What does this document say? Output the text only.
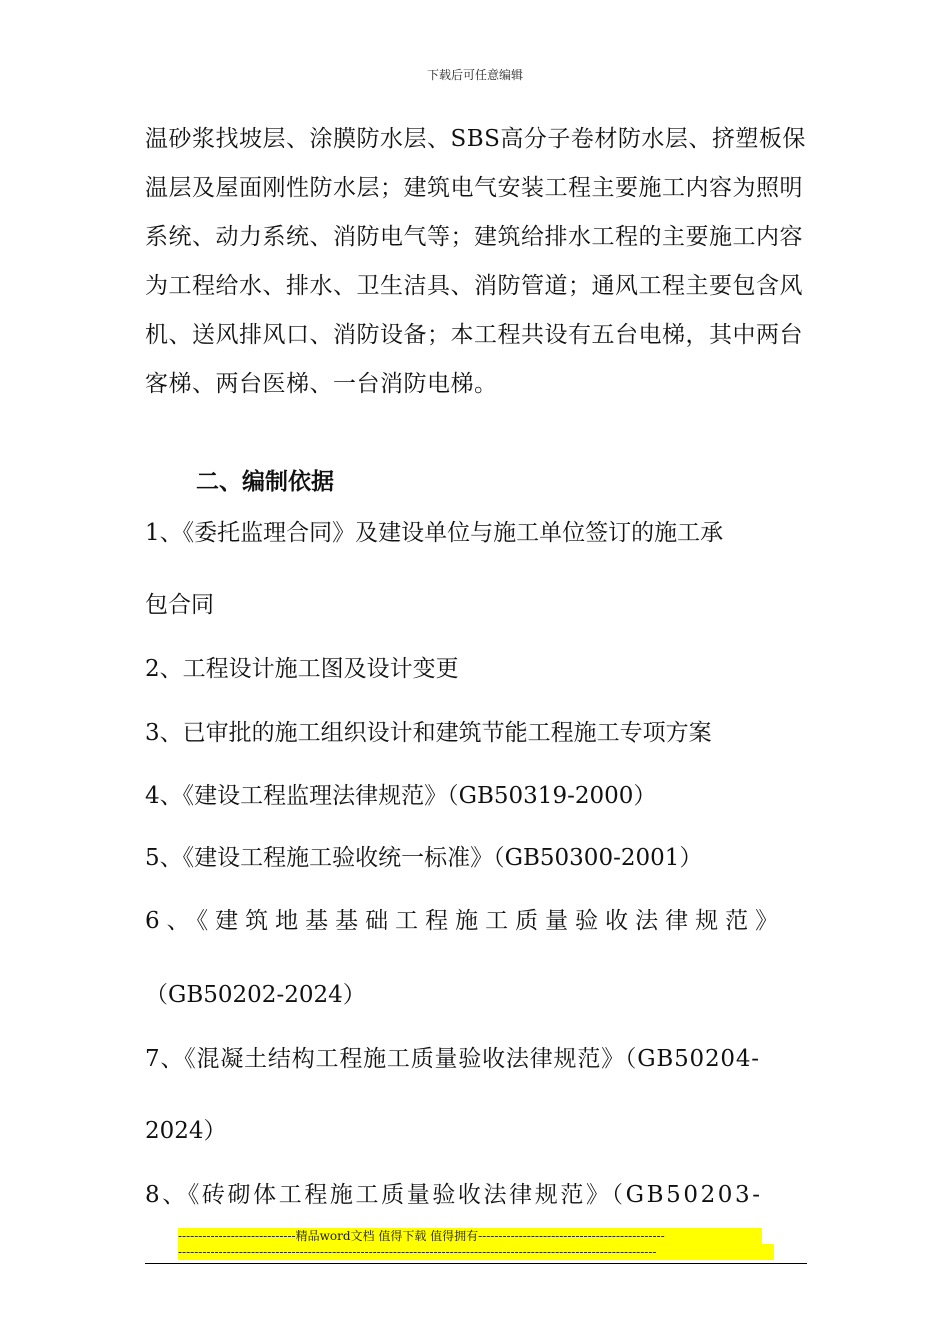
下载后可任意编辑
温砂浆找坡层、涂膜防水层、SBS高分子卷材防水层、挤塑板保温层及屋面刚性防水层；建筑电气安装工程主要施工内容为照明系统、动力系统、消防电气等；建筑给排水工程的主要施工内容为工程给水、排水、卫生洁具、消防管道；通风工程主要包含风机、送风排风口、消防设备；本工程共设有五台电梯，其中两台客梯、两台医梯、一台消防电梯。
二、编制依据
1、《委托监理合同》及建设单位与施工单位签订的施工承
包合同
2、工程设计施工图及设计变更
3、已审批的施工组织设计和建筑节能工程施工专项方案
4、《建设工程监理法律规范》（GB50319-2000）
5、《建设工程施工验收统一标准》（GB50300-2001）
6、《建筑地基基础工程施工质量验收法律规范》
（GB50202-2024）
7、《混凝土结构工程施工质量验收法律规范》（GB50204-
2024）
8、《砖砌体工程施工质量验收法律规范》（GB50203-
-----------------------------精品word文档 值得下载 值得拥有----------------------------------------------
----------------------------------------------------------------------------------------------------------------------
